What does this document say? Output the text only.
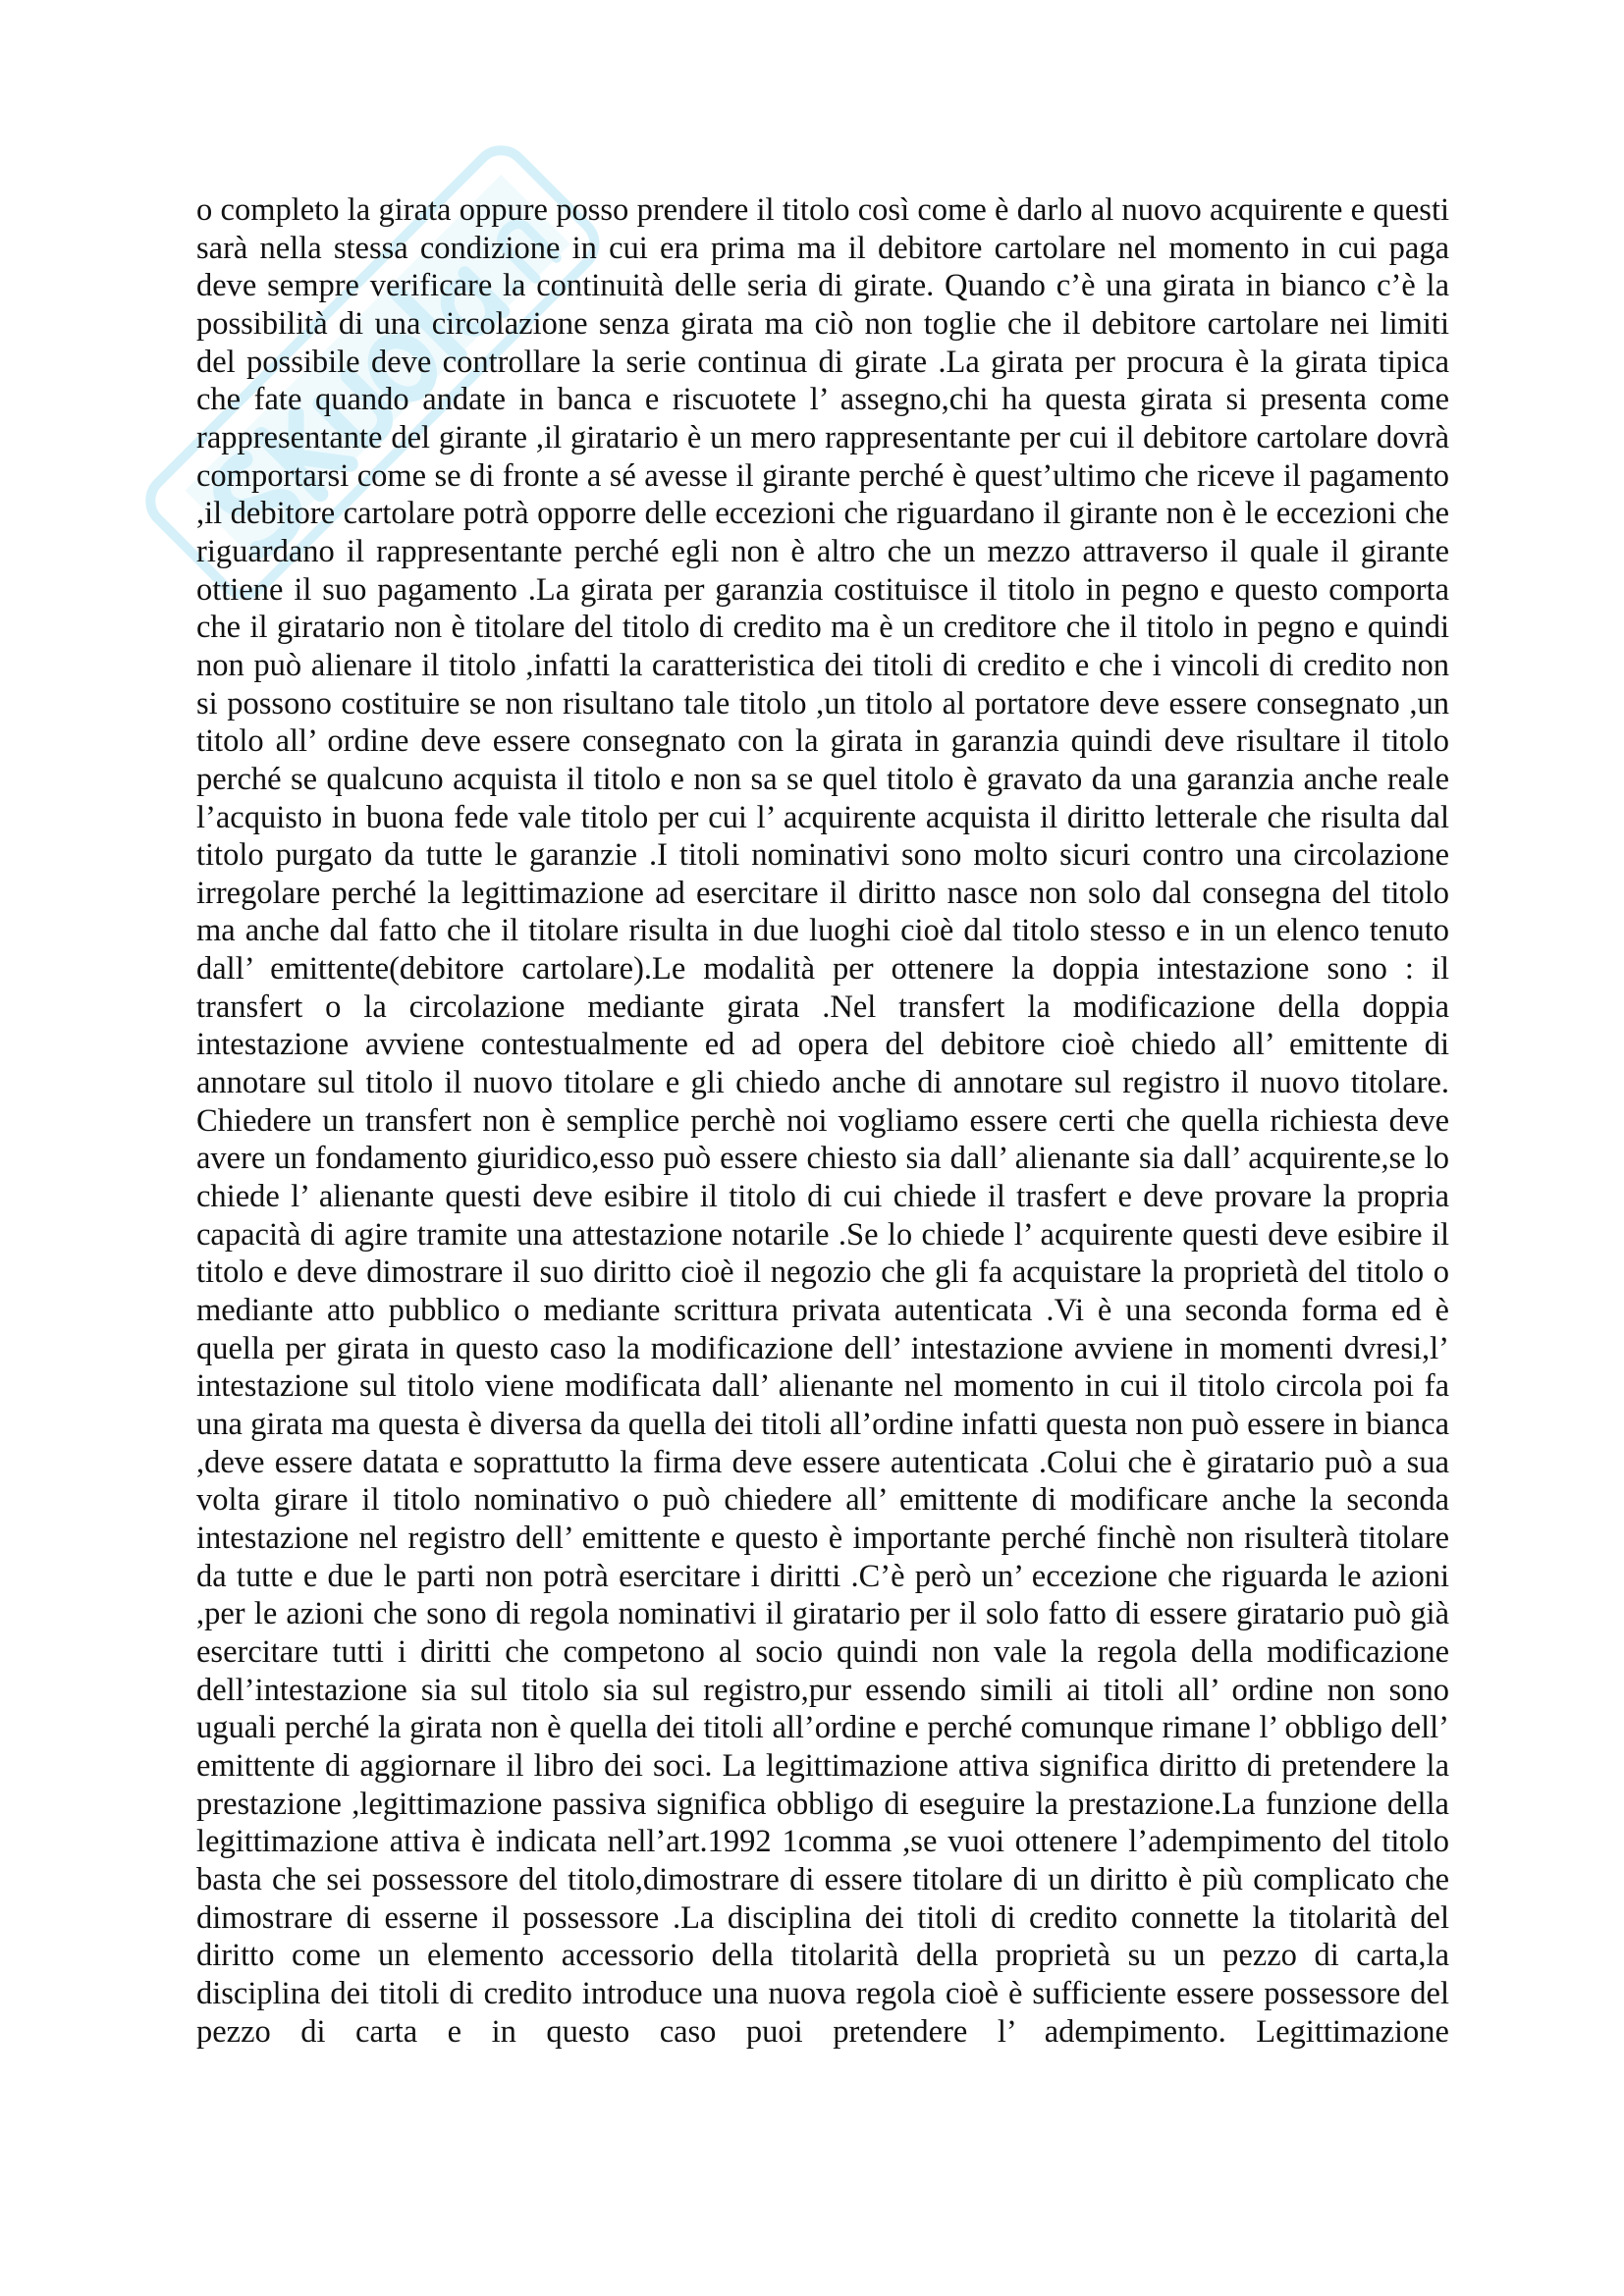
o completo la girata oppure posso prendere il titolo così come è darlo al nuovo acquirente e questi sarà nella stessa condizione in cui era prima ma il debitore cartolare nel momento in cui paga deve sempre verificare la continuità delle seria di girate. Quando c’è una girata in bianco c’è la possibilità di una circolazione senza girata ma ciò non toglie che il debitore cartolare nei limiti del possibile deve controllare la serie continua di girate .La girata per procura è la girata tipica che fate quando andate in banca e riscuotete l’ assegno,chi ha questa girata si presenta come rappresentante del girante ,il giratario è un mero rappresentante per cui il debitore cartolare dovrà comportarsi come se di fronte a sé avesse il girante perché è quest’ultimo che riceve il pagamento ,il debitore cartolare potrà opporre delle eccezioni che riguardano il girante non è le eccezioni che riguardano il rappresentante perché egli non è altro che un mezzo attraverso il quale il girante ottiene il suo pagamento .La girata per garanzia costituisce il titolo in pegno e questo comporta che il giratario non è titolare del titolo di credito ma è un creditore che il titolo in pegno e quindi non può alienare il titolo ,infatti la caratteristica dei titoli di credito e che i vincoli di credito non si possono costituire se non risultano tale titolo ,un titolo al portatore deve essere consegnato ,un titolo all’ ordine deve essere consegnato con la girata in garanzia quindi deve risultare il titolo perché se qualcuno acquista il titolo e non sa se quel titolo è gravato da una garanzia anche reale l’acquisto in buona fede vale titolo per cui l’ acquirente acquista il diritto letterale che risulta dal titolo purgato da tutte le garanzie .I titoli nominativi sono molto sicuri contro una circolazione irregolare perché la legittimazione ad esercitare il diritto nasce non solo dal consegna del titolo ma anche dal fatto che il titolare risulta in due luoghi cioè dal titolo stesso e in un elenco tenuto dall’ emittente(debitore cartolare).Le modalità per ottenere la doppia intestazione sono : il transfert o la circolazione mediante girata .Nel transfert la modificazione della doppia intestazione avviene contestualmente ed ad opera del debitore cioè chiedo all’ emittente di annotare sul titolo il nuovo titolare e gli chiedo anche di annotare sul registro il nuovo titolare. Chiedere un transfert non è semplice perchè noi vogliamo essere certi che quella richiesta deve avere un fondamento giuridico,esso può essere chiesto sia dall’ alienante sia dall’ acquirente,se lo chiede l’ alienante questi deve esibire il titolo di cui chiede il trasfert e deve provare la propria capacità di agire tramite una attestazione notarile .Se lo chiede l’ acquirente questi deve esibire il titolo e deve dimostrare il suo diritto cioè il negozio che gli fa acquistare la proprietà del titolo o mediante atto pubblico o mediante scrittura privata autenticata .Vi è una seconda forma ed è quella per girata in questo caso la modificazione dell’ intestazione avviene in momenti dvresi,l’ intestazione sul titolo viene modificata dall’ alienante nel momento in cui il titolo circola poi fa una girata ma questa è diversa da quella dei titoli all’ordine infatti questa non può essere in bianca ,deve essere datata e soprattutto la firma deve essere autenticata .Colui che è giratario può a sua volta girare il titolo nominativo o può chiedere all’ emittente di modificare anche la seconda intestazione nel registro dell’ emittente e questo è importante perché finchè non risulterà titolare da tutte e due le parti non potrà esercitare i diritti .C’è però un’ eccezione che riguarda le azioni ,per le azioni che sono di regola nominativi il giratario per il solo fatto di essere giratario può già esercitare tutti i diritti che competono al socio quindi non vale la regola della modificazione dell’intestazione sia sul titolo sia sul registro,pur essendo simili ai titoli all’ ordine non sono uguali perché la girata non è quella dei titoli all’ordine e perché comunque rimane l’ obbligo dell’ emittente di aggiornare il libro dei soci. La legittimazione attiva significa diritto di pretendere la prestazione ,legittimazione passiva significa obbligo di eseguire la prestazione.La funzione della legittimazione attiva è indicata nell’art.1992 1comma ,se vuoi ottenere l’adempimento del titolo basta che sei possessore del titolo,dimostrare di essere titolare di un diritto è più complicato che dimostrare di esserne il possessore .La disciplina dei titoli di credito connette la titolarità del diritto come un elemento accessorio della titolarità della proprietà su un pezzo di carta,la disciplina dei titoli di credito introduce una nuova regola cioè è sufficiente essere possessore del pezzo di carta e in questo caso puoi pretendere l’ adempimento. Legittimazione
